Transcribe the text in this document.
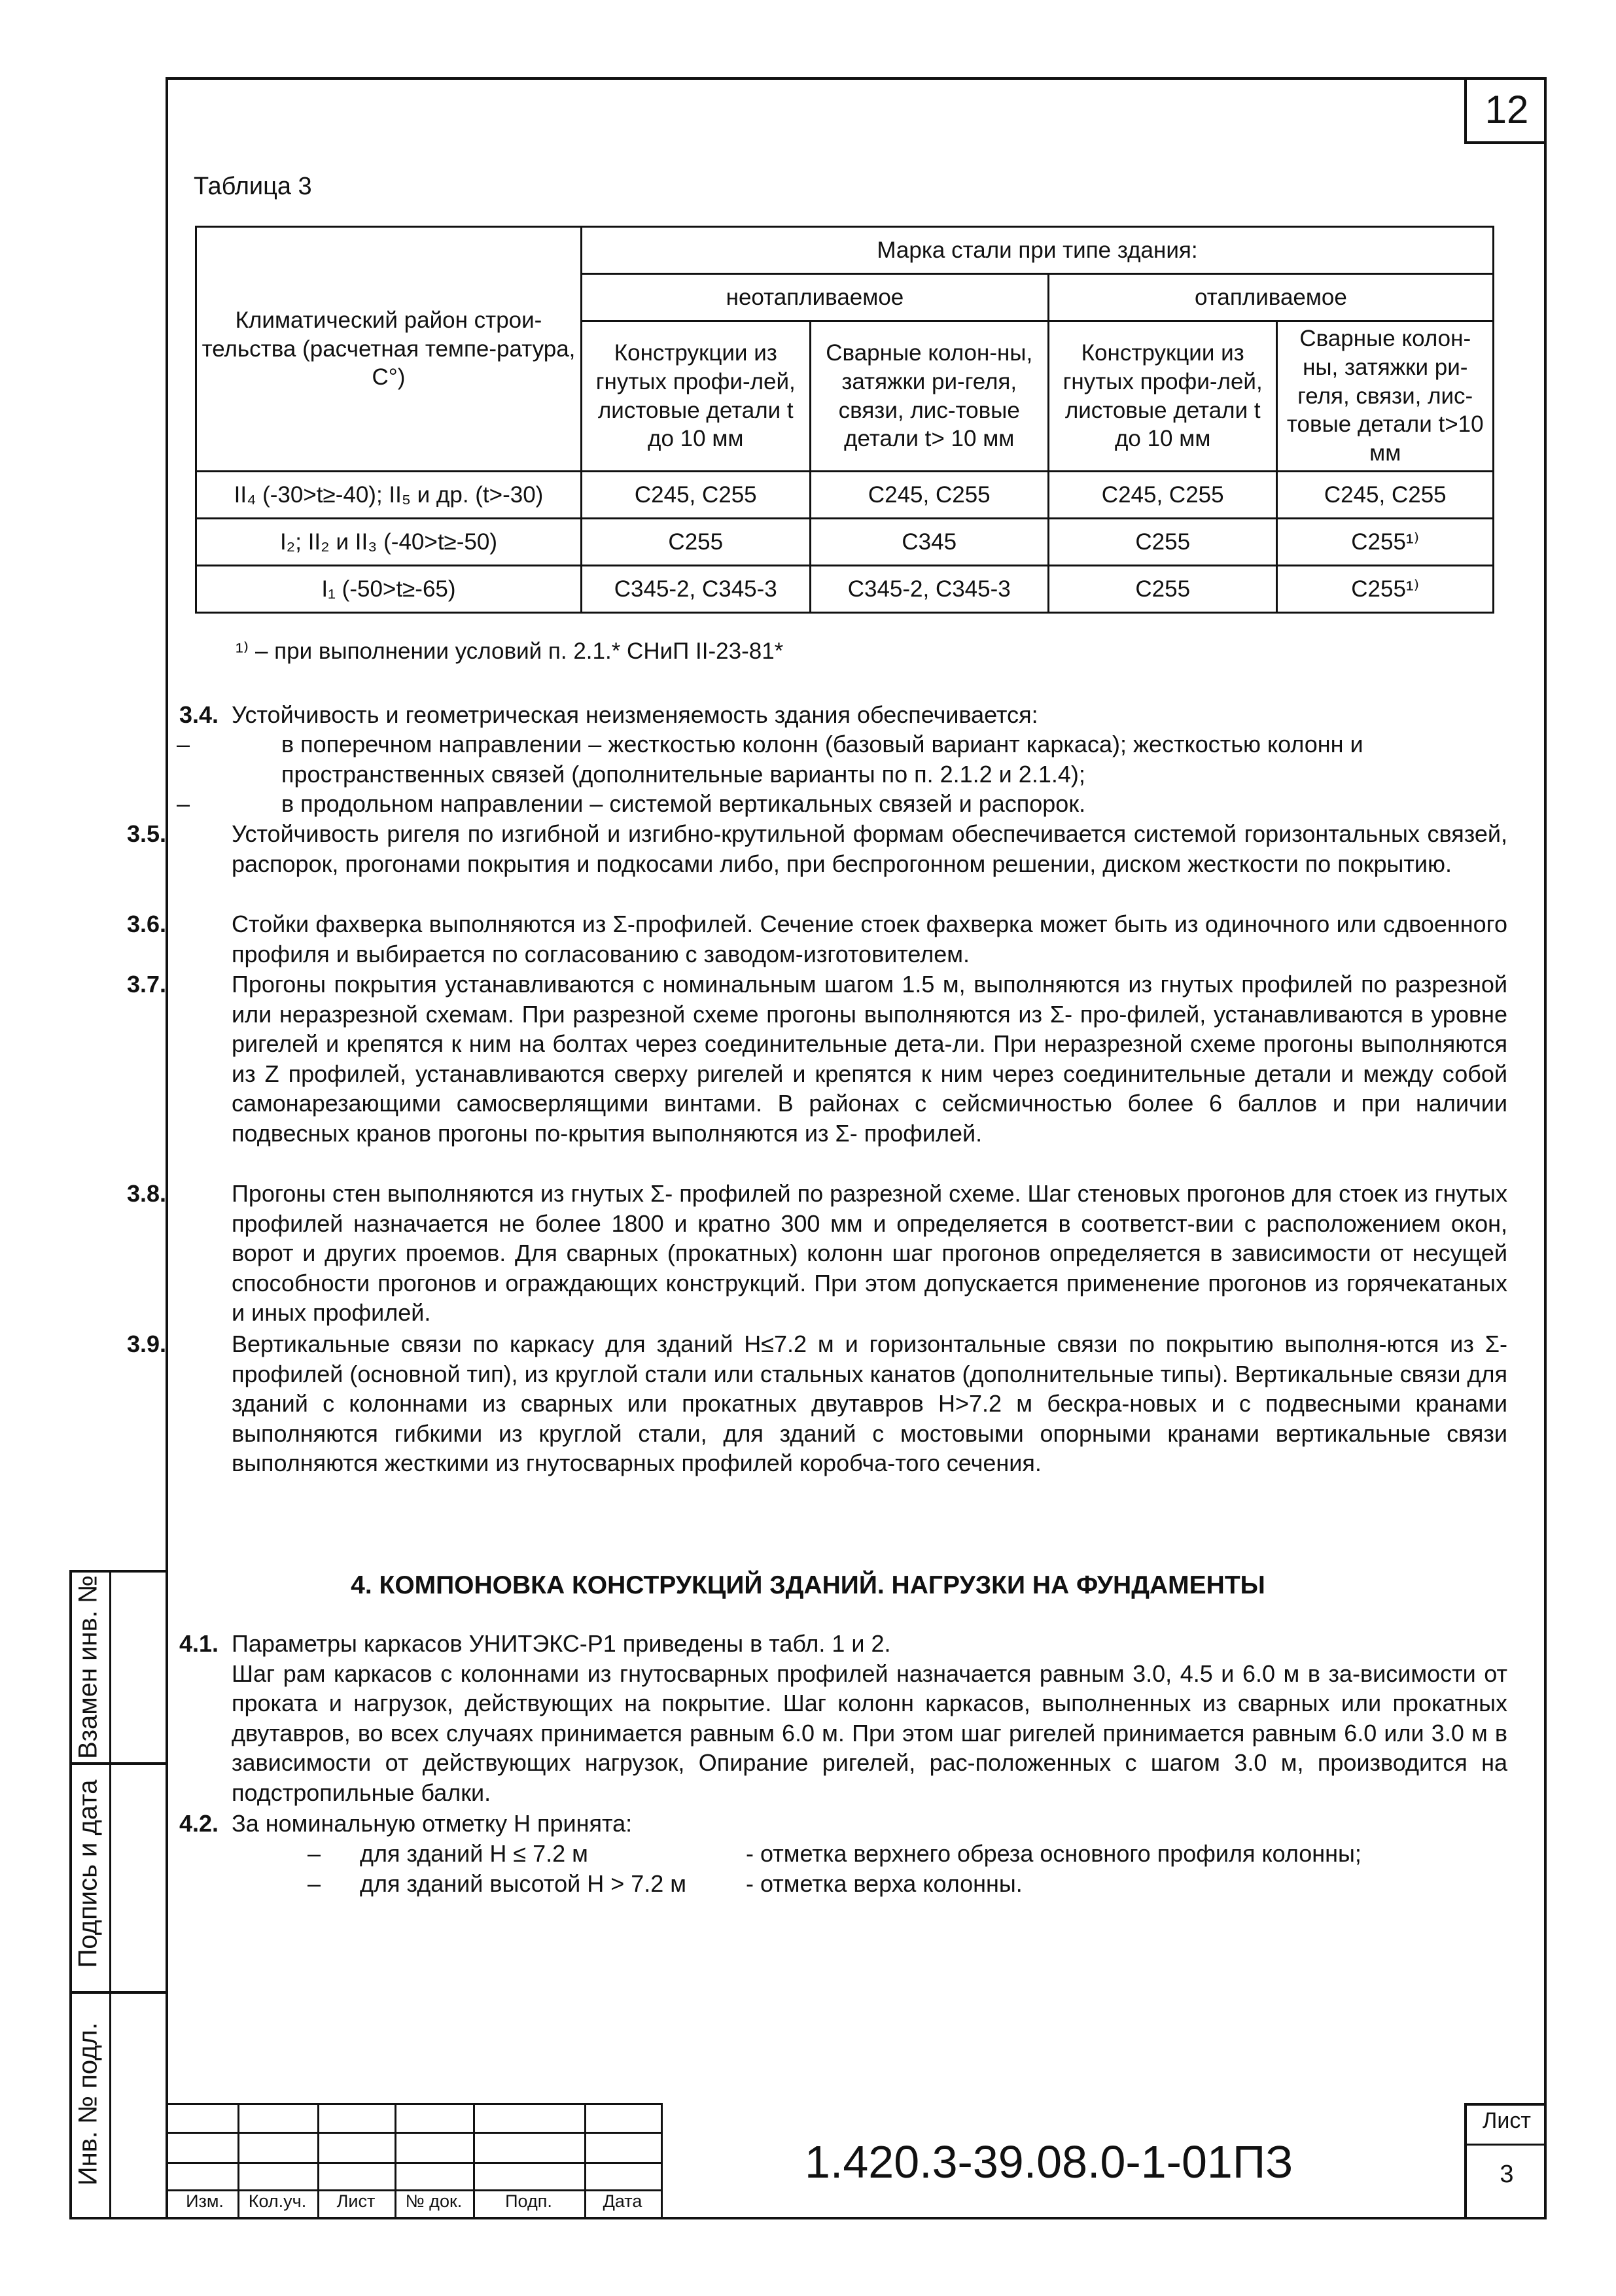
12
Взамен инв. №
Подпись и дата
Инв. № подл.
Таблица 3
Климатический район строи-тельства (расчетная темпе-ратура, С°)	Марка стали при типе здания:			
	неотапливаемое		отапливаемое	
	Конструкции из гнутых профи-лей, листовые детали t до 10 мм	Сварные колон-ны, затяжки ри-геля, связи, лис-товые детали t> 10 мм	Конструкции из гнутых профи-лей, листовые детали t до 10 мм	Сварные колон-ны, затяжки ри-геля, связи, лис-товые детали t>10 мм
II₄ (-30>t≥-40); II₅ и др. (t>-30)	С245, С255	С245, С255	С245, С255	С245, С255
I₂; II₂ и II₃ (-40>t≥-50)	С255	С345	С255	С255¹⁾
I₁ (-50>t≥-65)	С345-2, С345-3	С345-2, С345-3	С255	С255¹⁾
¹⁾ – при выполнении условий п. 2.1.* СНиП II-23-81*
3.4. Устойчивость и геометрическая неизменяемость здания обеспечивается:
–	в поперечном направлении – жесткостью колонн (базовый вариант каркаса); жесткостью колонн и пространственных связей (дополнительные варианты по п. 2.1.2 и 2.1.4);
–	в продольном направлении – системой вертикальных связей и распорок.
3.5.	Устойчивость ригеля по изгибной и изгибно-крутильной формам обеспечивается системой горизонтальных связей, распорок, прогонами покрытия и подкосами либо, при беспрогонном решении, диском жесткости по покрытию.
3.6.	Стойки фахверка выполняются из Σ-профилей. Сечение стоек фахверка может быть из одиночного или сдвоенного профиля и выбирается по согласованию с заводом-изготовителем.
3.7.	Прогоны покрытия устанавливаются с номинальным шагом 1.5 м, выполняются из гнутых профилей по разрезной или неразрезной схемам. При разрезной схеме прогоны выполняются из Σ- про-филей, устанавливаются в уровне ригелей и крепятся к ним на болтах через соединительные дета-ли. При неразрезной схеме прогоны выполняются из Z профилей, устанавливаются сверху ригелей и крепятся к ним через соединительные детали и между собой самонарезающими самосверлящими винтами. В районах с сейсмичностью более 6 баллов и при наличии подвесных кранов прогоны по-крытия выполняются из Σ- профилей.
3.8.	Прогоны стен выполняются из гнутых Σ- профилей по разрезной схеме. Шаг стеновых прогонов для стоек из гнутых профилей назначается не более 1800 и кратно 300 мм и определяется в соответст-вии с расположением окон, ворот и других проемов. Для сварных (прокатных) колонн шаг прогонов определяется в зависимости от несущей способности прогонов и ограждающих конструкций. При этом допускается применение прогонов из горячекатаных и иных профилей.
3.9.	Вертикальные связи по каркасу для зданий H≤7.2 м и горизонтальные связи по покрытию выполня-ются из Σ-профилей (основной тип), из круглой стали или стальных канатов (дополнительные типы). Вертикальные связи для зданий с колоннами из сварных или прокатных двутавров H>7.2 м бескра-новых и с подвесными кранами выполняются гибкими из круглой стали, для зданий с мостовыми опорными кранами вертикальные связи выполняются жесткими из гнутосварных профилей коробча-того сечения.
4. КОМПОНОВКА КОНСТРУКЦИЙ ЗДАНИЙ. НАГРУЗКИ НА ФУНДАМЕНТЫ
4.1. Параметры каркасов УНИТЭКС-Р1 приведены в табл. 1 и 2.
Шаг рам каркасов с колоннами из гнутосварных профилей назначается равным 3.0, 4.5 и 6.0 м в за-висимости от проката и нагрузок, действующих на покрытие. Шаг колонн каркасов, выполненных из сварных или прокатных двутавров, во всех случаях принимается равным 6.0 м. При этом шаг ригелей принимается равным 6.0 или 3.0 м в зависимости от действующих нагрузок, Опирание ригелей, рас-положенных с шагом 3.0 м, производится на подстропильные балки.
4.2. За номинальную отметку Н принята:
–	для зданий H ≤ 7.2 м	- отметка верхнего обреза основного профиля колонны;
–	для зданий высотой H > 7.2 м	- отметка верха колонны.
Изм.	Кол.уч.	Лист	№ док.	Подп.	Дата
1.420.3-39.08.0-1-01ПЗ
Лист
3
